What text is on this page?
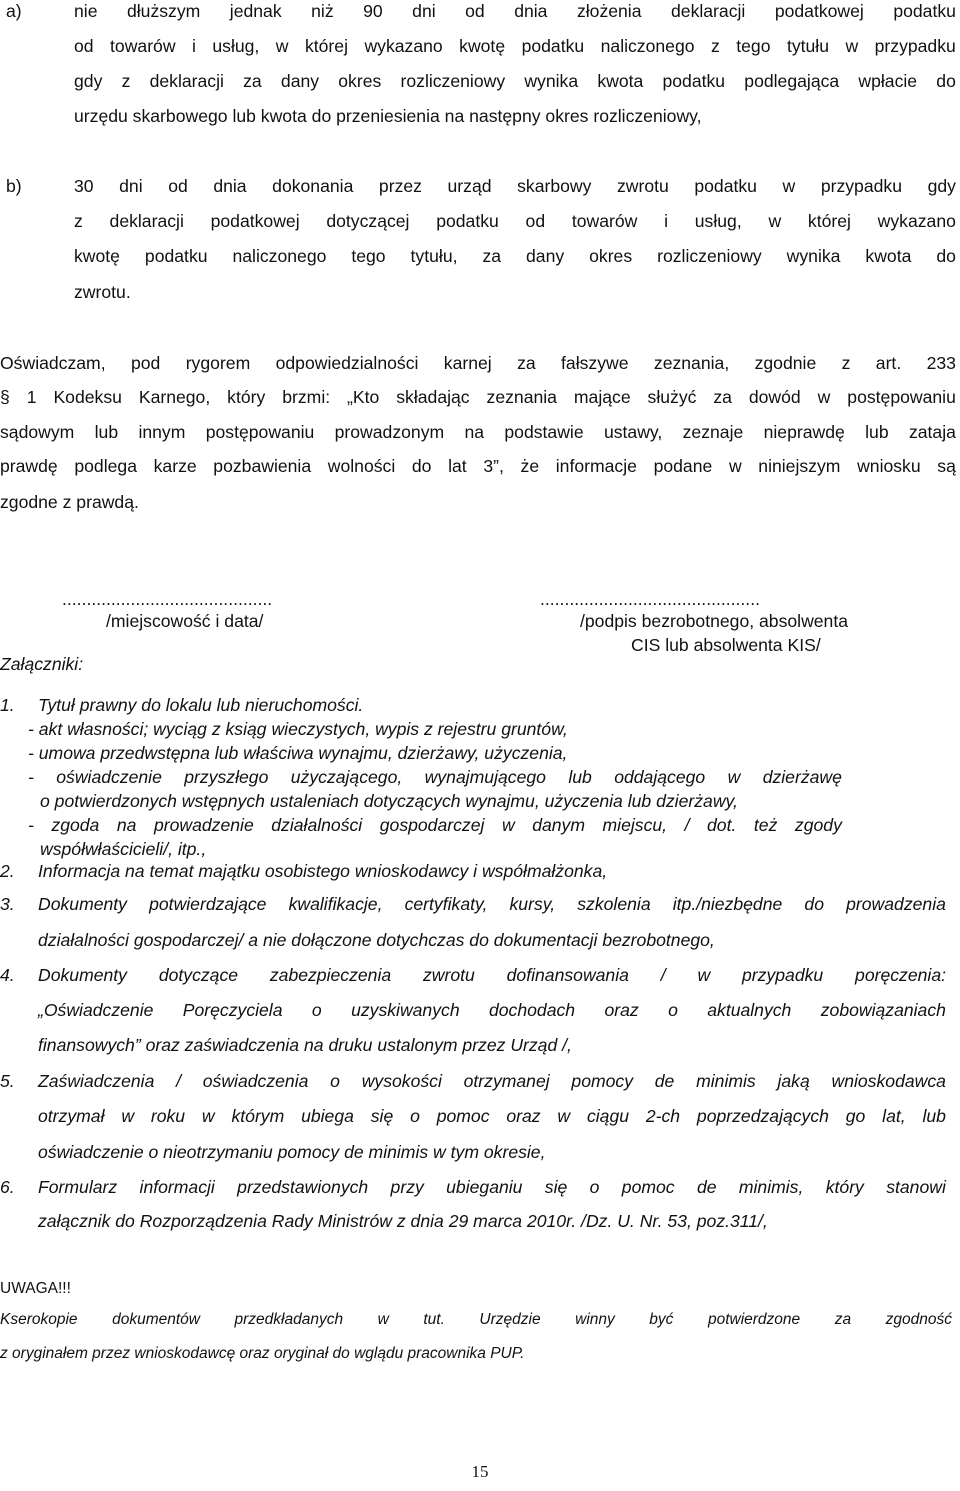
a)	nie dłuższym jednak niż 90 dni od dnia złożenia deklaracji podatkowej podatku
od towarów i usług, w której wykazano kwotę podatku naliczonego z tego tytułu w przypadku
gdy z deklaracji za dany okres rozliczeniowy wynika kwota podatku podlegająca wpłacie do
urzędu skarbowego lub kwota do przeniesienia na następny okres rozliczeniowy,
b)	30 dni od dnia dokonania przez urząd skarbowy zwrotu podatku w przypadku gdy
z deklaracji podatkowej dotyczącej podatku od towarów i usług, w której wykazano
kwotę podatku naliczonego tego tytułu, za dany okres rozliczeniowy wynika kwota do
zwrotu.
Oświadczam, pod rygorem odpowiedzialności karnej za fałszywe zeznania, zgodnie z art. 233
§ 1 Kodeksu Karnego, który brzmi: „Kto składając zeznania mające służyć za dowód w postępowaniu
sądowym lub innym postępowaniu prowadzonym na podstawie ustawy, zeznaje nieprawdę lub zataja
prawdę podlega karze pozbawienia wolności do lat 3”, że informacje podane w niniejszym wniosku są
zgodne z prawdą.
...........................................
/miejscowość i data/
.............................................
/podpis bezrobotnego, absolwenta
CIS lub absolwenta KIS/
Załączniki:
1. Tytuł prawny do lokalu lub nieruchomości.
- akt własności; wyciąg z ksiąg wieczystych, wypis z rejestru gruntów,
- umowa przedwstępna lub właściwa wynajmu, dzierżawy, użyczenia,
- oświadczenie przyszłego użyczającego, wynajmującego lub oddającego w dzierżawę
o potwierdzonych wstępnych ustaleniach dotyczących wynajmu, użyczenia lub dzierżawy,
- zgoda na prowadzenie działalności gospodarczej w danym miejscu, / dot. też zgody
współwłaścicieli/, itp.,
2. Informacja na temat majątku osobistego wnioskodawcy i współmałżonka,
3. Dokumenty potwierdzające kwalifikacje, certyfikaty, kursy, szkolenia itp./niezbędne do prowadzenia
działalności gospodarczej/ a nie dołączone dotychczas do dokumentacji bezrobotnego,
4. Dokumenty dotyczące zabezpieczenia zwrotu dofinansowania / w przypadku poręczenia:
„Oświadczenie Poręczyciela o uzyskiwanych dochodach oraz o aktualnych zobowiązaniach
finansowych” oraz zaświadczenia na druku ustalonym przez Urząd /,
5. Zaświadczenia / oświadczenia o wysokości otrzymanej pomocy de minimis jaką wnioskodawca
otrzymał w roku w którym ubiega się o pomoc oraz w ciągu 2-ch poprzedzających go lat, lub
oświadczenie o nieotrzymaniu pomocy de minimis w tym okresie,
6. Formularz informacji przedstawionych przy ubieganiu się o pomoc de minimis, który stanowi
załącznik do Rozporządzenia Rady Ministrów z dnia 29 marca 2010r. /Dz. U. Nr. 53, poz.311/,
UWAGA!!!
Kserokopie dokumentów przedkładanych w tut. Urzędzie winny być potwierdzone za zgodność
z oryginałem przez wnioskodawcę oraz oryginał do wglądu pracownika PUP.
15
